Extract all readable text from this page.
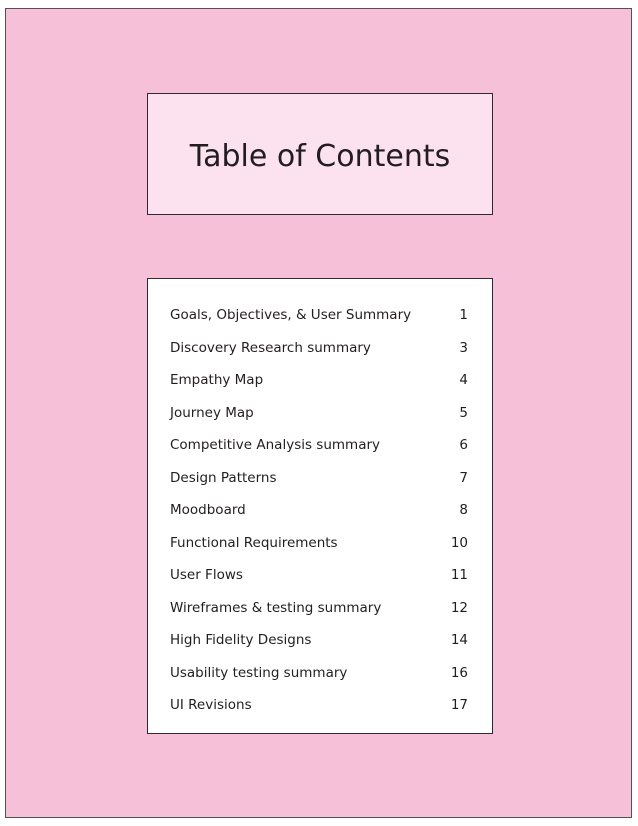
Table of Contents
Goals, Objectives, & User Summary	1
Discovery Research summary	3
Empathy Map	4
Journey Map	5
Competitive Analysis summary	6
Design Patterns	7
Moodboard	8
Functional Requirements	10
User Flows	11
Wireframes & testing summary	12
High Fidelity Designs	14
Usability testing summary	16
UI Revisions	17
